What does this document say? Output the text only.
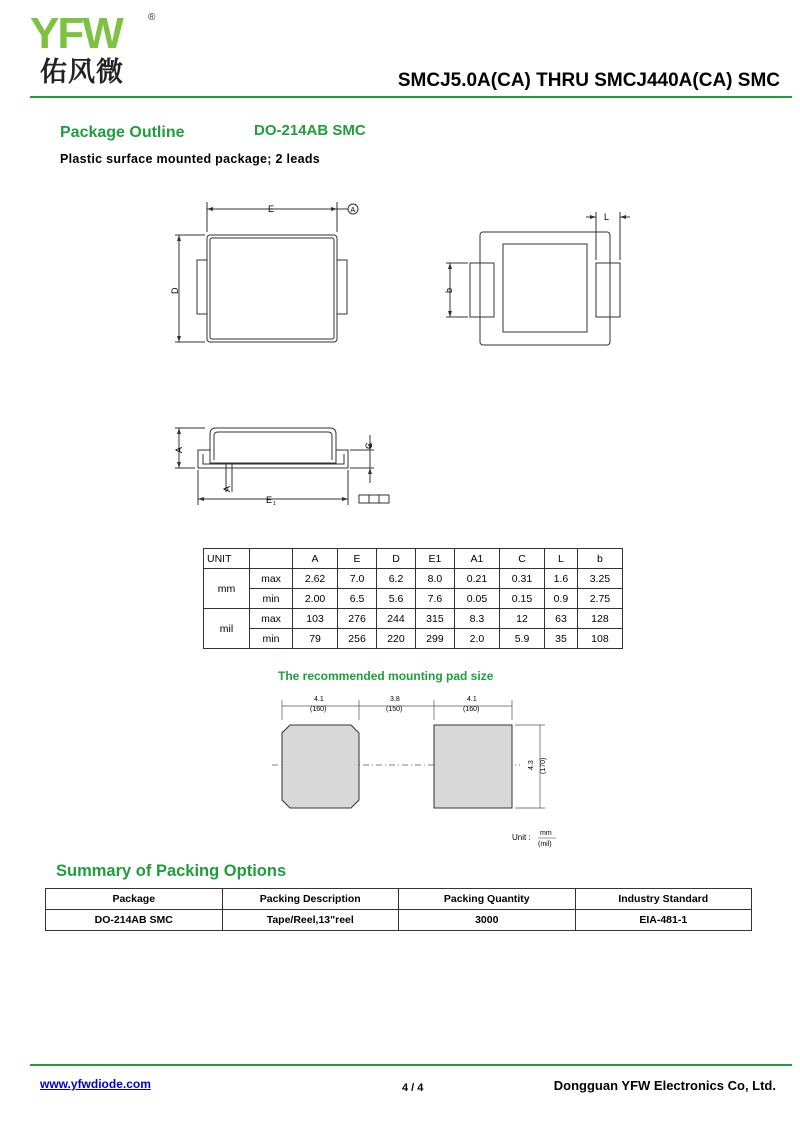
YFW	®
佑风微	SMCJ5.0A(CA) THRU SMCJ440A(CA) SMC
Package Outline	DO-214AB SMC
Plastic surface mounted package; 2 leads
E	A
D
L
b
A
C
A
E 1
UNIT		A	E	D	E1	A1	C	L	b
mm	max	2.62	7.0	6.2	8.0	0.21	0.31	1.6	3.25
	min	2.00	6.5	5.6	7.6	0.05	0.15	0.9	2.75
mil	max	103	276	244	315	8.3	12	63	128
	min	79	256	220	299	2.0	5.9	35	108
The recommended mounting pad size
4.1
(160)
3.8
(150)
4.1
(160)
4.3 (170)
Unit : mm
(mil)
Summary of Packing Options
Package	Packing Description	Packing Quantity	Industry Standard
DO-214AB SMC	Tape/Reel,13"reel	3000	EIA-481-1
www.yfwdiode.com	4 / 4	Dongguan YFW Electronics Co, Ltd.
